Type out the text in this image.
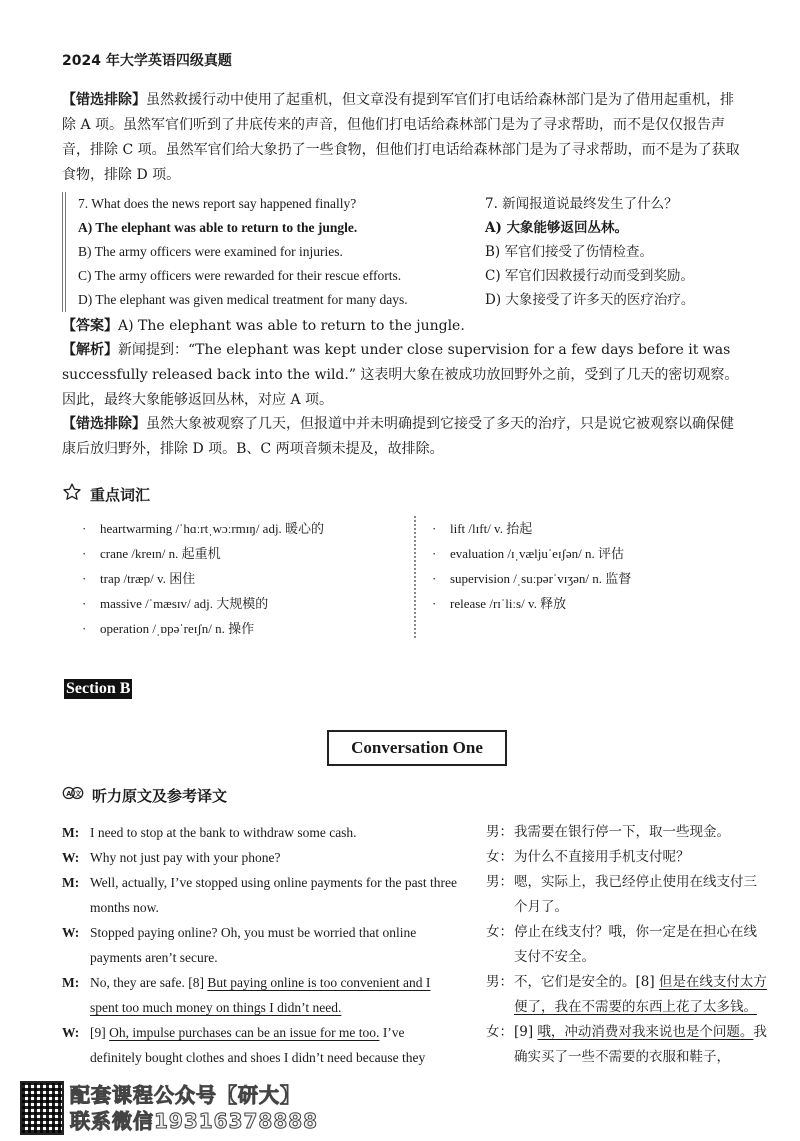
2024 年大学英语四级真题
【错选排除】虽然救援行动中使用了起重机，但文章没有提到军官们打电话给森林部门是为了借用起重机，排除 A 项。虽然军官们听到了井底传来的声音，但他们打电话给森林部门是为了寻求帮助，而不是仅仅报告声音，排除 C 项。虽然军官们给大象扔了一些食物，但他们打电话给森林部门是为了寻求帮助，而不是为了获取食物，排除 D 项。
7. What does the news report say happened finally?
A) The elephant was able to return to the jungle.
B) The army officers were examined for injuries.
C) The army officers were rewarded for their rescue efforts.
D) The elephant was given medical treatment for many days.
7. 新闻报道说最终发生了什么？
A) 大象能够返回丛林。
B) 军官们接受了伤情检查。
C) 军官们因救援行动而受到奖励。
D) 大象接受了许多天的医疗治疗。
【答案】A) The elephant was able to return to the jungle.
【解析】新闻提到：“The elephant was kept under close supervision for a few days before it was successfully released back into the wild.” 这表明大象在被成功放回野外之前，受到了几天的密切观察。因此，最终大象能够返回丛林，对应 A 项。
【错选排除】虽然大象被观察了几天，但报道中并未明确提到它接受了多天的治疗，只是说它被观察以确保健康后放归野外，排除 D 项。B、C 两项音频未提及，故排除。
重点词汇
· heartwarming /ˈhɑːrtˌwɔːrmɪŋ/ adj. 暖心的
· crane /kreɪn/ n. 起重机
· trap /træp/ v. 困住
· massive /ˈmæsɪv/ adj. 大规模的
· operation /ˌɒpəˈreɪʃn/ n. 操作
· lift /lɪft/ v. 抬起
· evaluation /ɪˌvæljuˈeɪʃən/ n. 评估
· supervision /ˌsuːpərˈvɪʒən/ n. 监督
· release /rɪˈliːs/ v. 释放
Section B
Conversation One
A 文 听力原文及参考译文
M: I need to stop at the bank to withdraw some cash.
W: Why not just pay with your phone?
M: Well, actually, I’ve stopped using online payments for the past three months now.
W: Stopped paying online? Oh, you must be worried that online payments aren’t secure.
M: No, they are safe. [8] But paying online is too convenient and I spent too much money on things I didn’t need.
W: [9] Oh, impulse purchases can be an issue for me too. I’ve definitely bought clothes and shoes I didn’t need because they
男： 我需要在银行停一下，取一些现金。
女： 为什么不直接用手机支付呢？
男： 嗯，实际上，我已经停止使用在线支付三个月了。
女： 停止在线支付？哦，你一定是在担心在线支付不安全。
男： 不，它们是安全的。[8] 但是在线支付太方便了，我在不需要的东西上花了太多钱。
女： [9] 哦，冲动消费对我来说也是个问题。我确实买了一些不需要的衣服和鞋子，
配套课程公众号【研大】
联系微信19316378888
